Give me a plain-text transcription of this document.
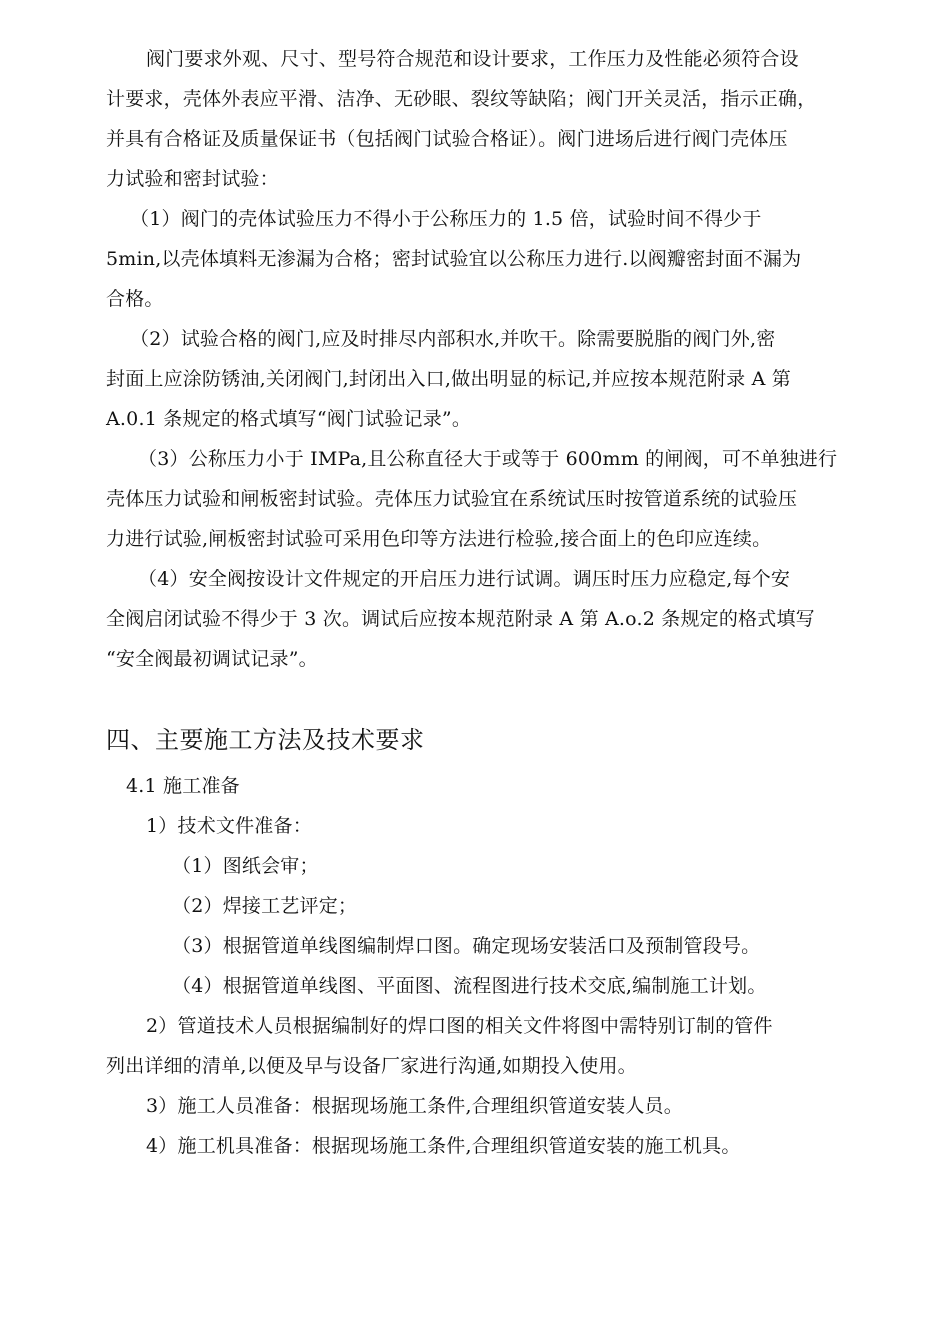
阀门要求外观、尺寸、型号符合规范和设计要求，工作压力及性能必须符合设
计要求，壳体外表应平滑、洁净、无砂眼、裂纹等缺陷；阀门开关灵活，指示正确，
并具有合格证及质量保证书（包括阀门试验合格证）。阀门进场后进行阀门壳体压
力试验和密封试验：
（1）阀门的壳体试验压力不得小于公称压力的 1.5 倍，试验时间不得少于
5min,以壳体填料无渗漏为合格；密封试验宜以公称压力进行.以阀瓣密封面不漏为
合格。
（2）试验合格的阀门,应及时排尽内部积水,并吹干。除需要脱脂的阀门外,密
封面上应涂防锈油,关闭阀门,封闭出入口,做出明显的标记,并应按本规范附录 A 第
A.0.1 条规定的格式填写“阀门试验记录”。
（3）公称压力小于 IMPa,且公称直径大于或等于 600mm 的闸阀，可不单独进行
壳体压力试验和闸板密封试验。壳体压力试验宜在系统试压时按管道系统的试验压
力进行试验,闸板密封试验可采用色印等方法进行检验,接合面上的色印应连续。
（4）安全阀按设计文件规定的开启压力进行试调。调压时压力应稳定,每个安
全阀启闭试验不得少于 3 次。调试后应按本规范附录 A 第 A.o.2 条规定的格式填写
“安全阀最初调试记录”。
四、主要施工方法及技术要求
4.1 施工准备
1）技术文件准备：
（1）图纸会审；
（2）焊接工艺评定；
（3）根据管道单线图编制焊口图。确定现场安装活口及预制管段号。
（4）根据管道单线图、平面图、流程图进行技术交底,编制施工计划。
2）管道技术人员根据编制好的焊口图的相关文件将图中需特别订制的管件
列出详细的清单,以便及早与设备厂家进行沟通,如期投入使用。
3）施工人员准备：根据现场施工条件,合理组织管道安装人员。
4）施工机具准备：根据现场施工条件,合理组织管道安装的施工机具。
